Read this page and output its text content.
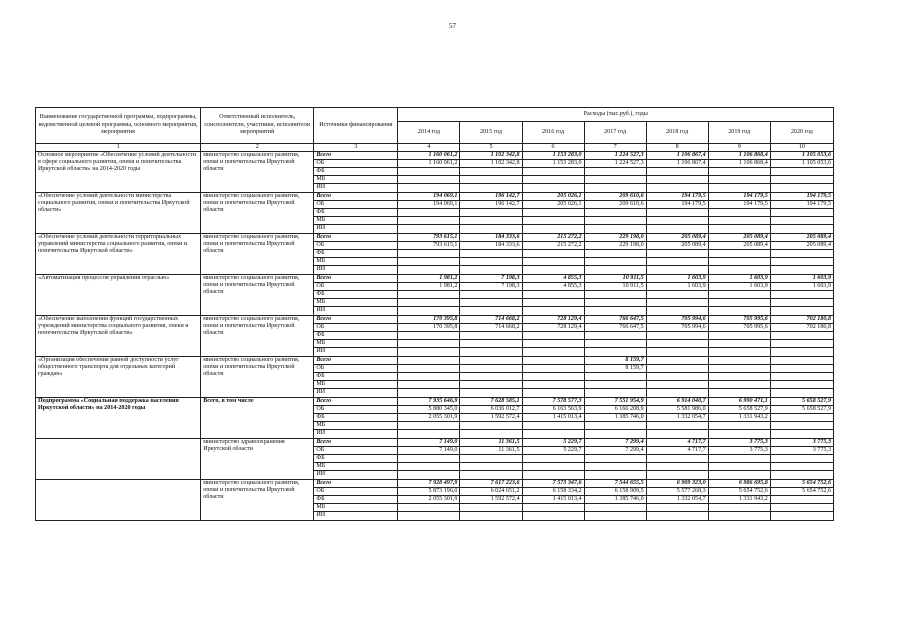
57
Наименование государственной программы, подпрограммы, ведомственной целевой программы, основного мероприятия, мероприятия	Ответственный исполнитель, соисполнители, участники, исполнители мероприятий	Источники финансирования	Расходы (тыс.руб.), годы						
			2014 год	2015 год	2016 год	2017 год	2018 год	2019 год	2020 год
1	2	3	4	5	6	7	8	9	10
Основное мероприятие «Обеспечение условий деятельности в сфере социального развития, опеки и попечительства Иркутской области» на 2014-2020 годы	министерство социального развития, опеки и попечительства Иркутской области	Всего	1 160 061,2	1 102 342,8	1 153 283,0	1 224 527,3	1 106 867,4	1 106 868,4	1 105 053,6
		ОБ	1 160 061,2	1 102 342,8	1 153 283,0	1 224 527,3	1 106 867,4	1 106 868,4	1 105 053,6
		ФБ							
		МБ							
		ИИ							
«Обеспечение условий деятельности министерства социального развития, опеки и попечительства Иркутской области»	министерство социального развития, опеки и попечительства Иркутской области	Всего	194 069,1	196 142,7	205 026,1	209 610,6	194 179,5	194 179,5	194 179,5
		ОБ	194 069,1	196 142,7	205 026,1	209 610,6	194 179,5	194 179,5	194 179,5
		ФБ							
		МБ							
		ИИ							
«Обеспечение условий деятельности территориальных управлений министерства социального развития, опеки и попечительства Иркутской области»	министерство социального развития, опеки и попечительства Иркутской области	Всего	793 615,1	184 333,6	215 272,2	229 198,0	205 089,4	205 089,4	205 089,4
		ОБ	793 615,1	184 333,6	215 272,2	229 198,0	205 089,4	205 089,4	205 089,4
		ФБ							
		МБ							
		ИИ							
«Автоматизация процессов управления отраслью»	министерство социального развития, опеки и попечительства Иркутской области	Всего	1 981,2	7 198,3	4 855,3	10 911,5	1 603,9	1 603,9	1 603,9
		ОБ	1 981,2	7 198,3	4 855,3	10 911,5	1 603,9	1 603,9	1 603,9
		ФБ							
		МБ							
		ИИ							
«Обеспечение выполнения функций государственных учреждений министерства социального развития, опеки и попечительства Иркутской области»	министерство социального развития, опеки и попечительства Иркутской области	Всего	170 395,8	714 668,2	728 129,4	766 647,5	705 994,6	705 995,6	702 180,8
		ОБ	170 395,8	714 668,2	728 129,4	766 647,5	705 994,6	705 995,6	702 180,8
		ФБ							
		МБ							
		ИИ							
«Организация обеспечения равной доступности услуг общественного транспорта для отдельных категорий граждан»	министерство социального развития, опеки и попечительства Иркутской области	Всего				8 159,7			
		ОБ				8 159,7			
		ФБ							
		МБ							
		ИИ							
Подпрограмма «Социальная поддержка населения Иркутской области» на 2014-2020 годы	Всего, в том числе	Всего	7 935 646,9	7 628 585,1	7 578 577,3	7 551 954,9	6 914 040,7	6 990 471,1	5 658 527,9
		ОБ	5 880 345,0	6 036 012,7	6 163 563,9	6 166 208,9	5 581 986,0	5 658 527,9	5 658 527,9
		ФБ	2 055 301,9	1 592 572,4	1 415 013,4	1 385 746,0	1 332 054,7	1 331 943,2	
		МБ							
		ИИ							
	министерство здравоохранения Иркутской области	Всего	7 149,0	11 361,5	5 229,7	7 299,4	4 717,7	3 775,3	3 775,3
		ОБ	7 149,0	11 361,5	5 229,7	7 299,4	4 717,7	3 775,3	3 775,3
		ФБ							
		МБ							
		ИИ							
	министерство социального развития, опеки и попечительства Иркутской области	Всего	7 928 497,9	7 617 223,6	7 573 347,6	7 544 655,5	6 909 323,0	6 986 695,8	5 654 752,6
		ОБ	5 873 196,0	6 024 651,2	6 158 334,2	6 158 909,5	5 577 268,3	5 654 752,6	5 654 752,6
		ФБ	2 055 301,9	1 592 572,4	1 415 013,4	1 385 746,0	1 332 054,7	1 331 943,2	
		МБ							
		ИИ							
